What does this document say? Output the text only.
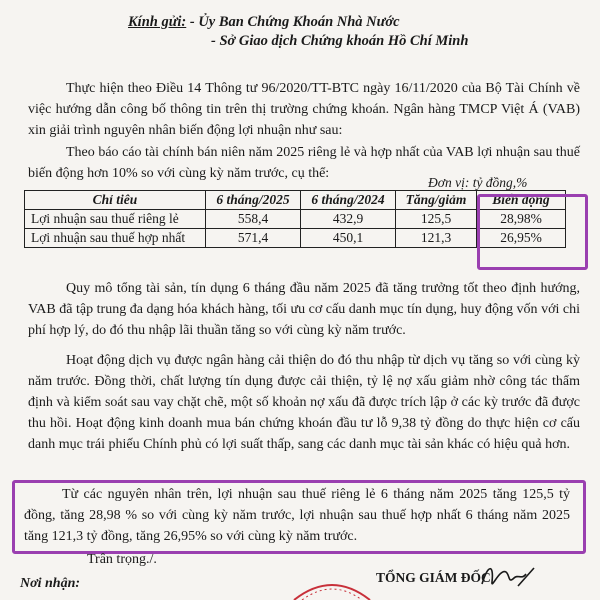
Kính gửi: - Ủy Ban Chứng Khoán Nhà Nước
- Sở Giao dịch Chứng khoán Hồ Chí Minh

Thực hiện theo Điều 14 Thông tư 96/2020/TT-BTC ngày 16/11/2020 của Bộ Tài Chính về việc hướng dẫn công bố thông tin trên thị trường chứng khoán. Ngân hàng TMCP Việt Á (VAB) xin giải trình nguyên nhân biến động lợi nhuận như sau:

Theo báo cáo tài chính bán niên năm 2025 riêng lẻ và hợp nhất của VAB lợi nhuận sau thuế biến động hơn 10% so với cùng kỳ năm trước, cụ thể:

Đơn vị: tỷ đồng,%
Chỉ tiêu	6 tháng/2025	6 tháng/2024	Tăng/giảm	Biến động
Lợi nhuận sau thuế riêng lẻ	558,4	432,9	125,5	28,98%
Lợi nhuận sau thuế hợp nhất	571,4	450,1	121,3	26,95%

Quy mô tổng tài sản, tín dụng 6 tháng đầu năm 2025 đã tăng trưởng tốt theo định hướng, VAB đã tập trung đa dạng hóa khách hàng, tối ưu cơ cấu danh mục tín dụng, huy động vốn với chi phí hợp lý, do đó thu nhập lãi thuần tăng so với cùng kỳ năm trước.

Hoạt động dịch vụ được ngân hàng cải thiện do đó thu nhập từ dịch vụ tăng so với cùng kỳ năm trước. Đồng thời, chất lượng tín dụng được cải thiện, tỷ lệ nợ xấu giảm nhờ công tác thẩm định và kiểm soát sau vay chặt chẽ, một số khoản nợ xấu đã được trích lập ở các kỳ trước đã được thu hồi. Hoạt động kinh doanh mua bán chứng khoán đầu tư lỗ 9,38 tỷ đồng do thực hiện cơ cấu danh mục trái phiếu Chính phủ có lợi suất thấp, sang các danh mục tài sản khác có hiệu quả hơn.

Từ các nguyên nhân trên, lợi nhuận sau thuế riêng lẻ 6 tháng năm 2025 tăng 125,5 tỷ đồng, tăng 28,98 % so với cùng kỳ năm trước, lợi nhuận sau thuế hợp nhất 6 tháng năm 2025 tăng 121,3 tỷ đồng, tăng 26,95% so với cùng kỳ năm trước.

Trân trọng./.
Nơi nhận:	TỔNG GIÁM ĐỐC
